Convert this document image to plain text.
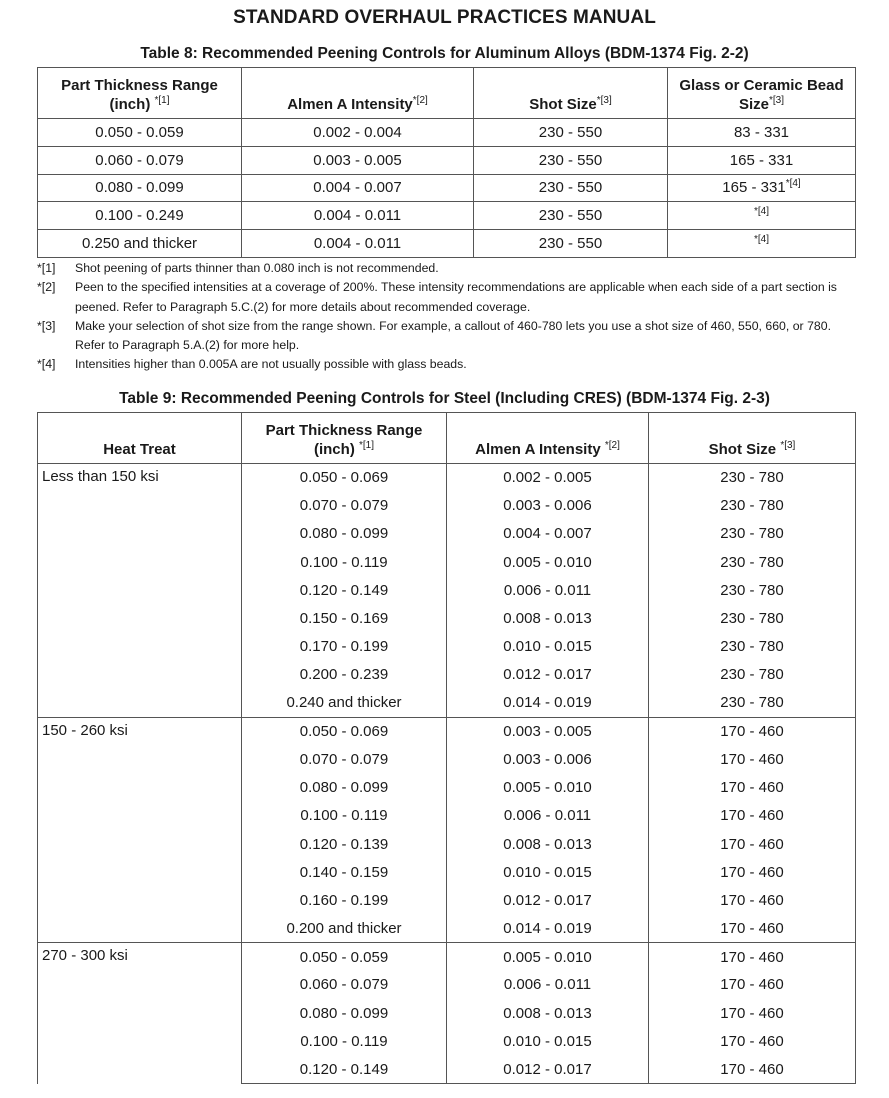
STANDARD OVERHAUL PRACTICES MANUAL
Table 8: Recommended Peening Controls for Aluminum Alloys (BDM-1374 Fig. 2-2)
Part Thickness Range
(inch) $^{*[1]}$	Almen A Intensity$^{*[2]}$	Shot Size$^{*[3]}$	Glass or Ceramic Bead
Size$^{*[3]}$
0.050 - 0.059	0.002 - 0.004	230 - 550	83 - 331
0.060 - 0.079	0.003 - 0.005	230 - 550	165 - 331
0.080 - 0.099	0.004 - 0.007	230 - 550	$165 - 331^{*[4]}$
0.100 - 0.249	0.004 - 0.011	230 - 550	$^{*[4]}$
0.250 and thicker	0.004 - 0.011	230 - 550	$^{*[4]}$
*[1]	Shot peening of parts thinner than 0.080 inch is not recommended.
*[2]	Peen to the specified intensities at a coverage of 200%. These intensity recommendations are applicable when each side of a part section is peened. Refer to Paragraph 5.C.(2) for more details about recommended coverage.
*[3]	Make your selection of shot size from the range shown. For example, a callout of 460-780 lets you use a shot size of 460, 550, 660, or 780. Refer to Paragraph 5.A.(2) for more help.
*[4]	Intensities higher than 0.005A are not usually possible with glass beads.
Table 9: Recommended Peening Controls for Steel (Including CRES) (BDM-1374 Fig. 2-3)
Heat Treat	Part Thickness Range
(inch) $^{*[1]}$	Almen A Intensity $^{*[2]}$	Shot Size $^{*[3]}$
Less than 150 ksi	0.050 - 0.069	0.002 - 0.005	230 - 780
	0.070 - 0.079	0.003 - 0.006	230 - 780
	0.080 - 0.099	0.004 - 0.007	230 - 780
	0.100 - 0.119	0.005 - 0.010	230 - 780
	0.120 - 0.149	0.006 - 0.011	230 - 780
	0.150 - 0.169	0.008 - 0.013	230 - 780
	0.170 - 0.199	0.010 - 0.015	230 - 780
	0.200 - 0.239	0.012 - 0.017	230 - 780
	0.240 and thicker	0.014 - 0.019	230 - 780
150 - 260 ksi	0.050 - 0.069	0.003 - 0.005	170 - 460
	0.070 - 0.079	0.003 - 0.006	170 - 460
	0.080 - 0.099	0.005 - 0.010	170 - 460
	0.100 - 0.119	0.006 - 0.011	170 - 460
	0.120 - 0.139	0.008 - 0.013	170 - 460
	0.140 - 0.159	0.010 - 0.015	170 - 460
	0.160 - 0.199	0.012 - 0.017	170 - 460
	0.200 and thicker	0.014 - 0.019	170 - 460
270 - 300 ksi	0.050 - 0.059	0.005 - 0.010	170 - 460
	0.060 - 0.079	0.006 - 0.011	170 - 460
	0.080 - 0.099	0.008 - 0.013	170 - 460
	0.100 - 0.119	0.010 - 0.015	170 - 460
	0.120 - 0.149	0.012 - 0.017	170 - 460
